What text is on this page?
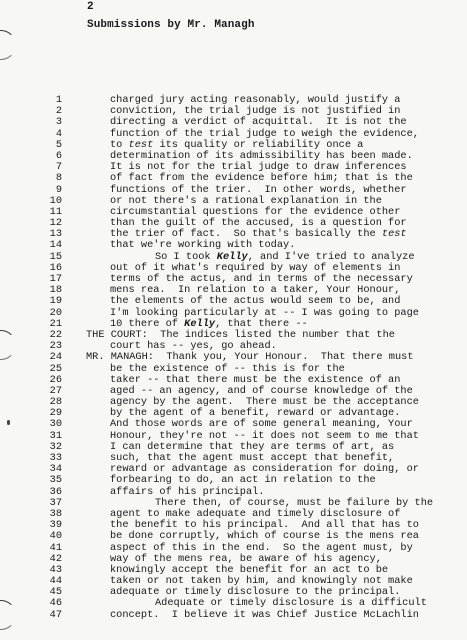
2
Submissions by Mr. Managh
1	charged jury acting reasonably, would justify a
2	conviction, the trial judge is not justified in
3	directing a verdict of acquittal.  It is not the
4	function of the trial judge to weigh the evidence,
5	to test its quality or reliability once a
6	determination of its admissibility has been made.
7	It is not for the trial judge to draw inferences
8	of fact from the evidence before him; that is the
9	functions of the trier.  In other words, whether
10	or not there's a rational explanation in the
11	circumstantial questions for the evidence other
12	than the guilt of the accused, is a question for
13	the trier of fact.  So that's basically the test
14	that we're working with today.
15	So I took Kelly, and I've tried to analyze
16	out of it what's required by way of elements in
17	terms of the actus, and in terms of the necessary
18	mens rea.  In relation to a taker, Your Honour,
19	the elements of the actus would seem to be, and
20	I'm looking particularly at -- I was going to page
21	10 there of Kelly, that there --
22 THE COURT:  The indices listed the number that the
23	court has -- yes, go ahead.
24 MR. MANAGH:  Thank you, Your Honour.  That there must
25	be the existence of -- this is for the
26	taker -- that there must be the existence of an
27	aged -- an agency, and of course knowledge of the
28	agency by the agent.  There must be the acceptance
29	by the agent of a benefit, reward or advantage.
30	And those words are of some general meaning, Your
31	Honour, they're not -- it does not seem to me that
32	I can determine that they are terms of art, as
33	such, that the agent must accept that benefit,
34	reward or advantage as consideration for doing, or
35	forbearing to do, an act in relation to the
36	affairs of his principal.
37	There then, of course, must be failure by the
38	agent to make adequate and timely disclosure of
39	the benefit to his principal.  And all that has to
40	be done corruptly, which of course is the mens rea
41	aspect of this in the end.  So the agent must, by
42	way of the mens rea, be aware of his agency,
43	knowingly accept the benefit for an act to be
44	taken or not taken by him, and knowingly not make
45	adequate or timely disclosure to the principal.
46	Adequate or timely disclosure is a difficult
47	concept.  I believe it was Chief Justice McLachlin
